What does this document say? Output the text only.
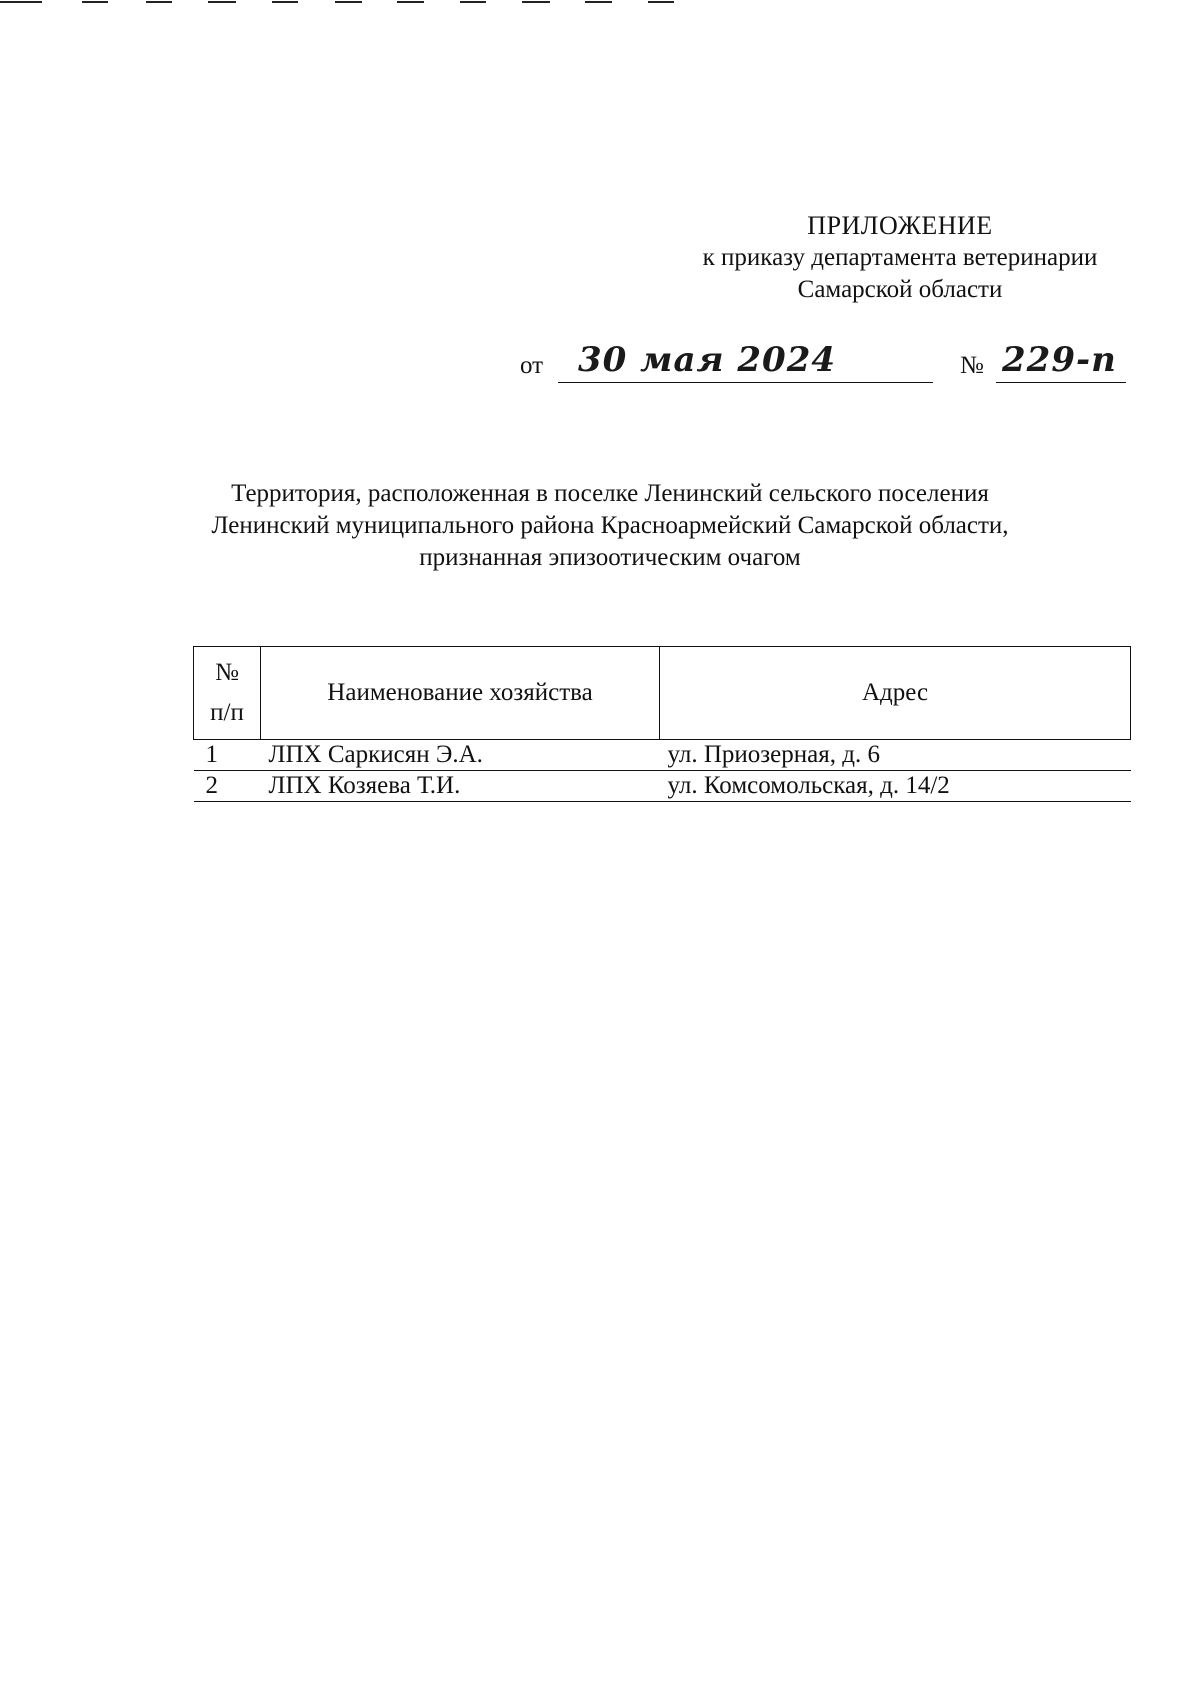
ПРИЛОЖЕНИЕ
к приказу департамента ветеринарии
Самарской области
от 30 мая 2024	№ 229-п
Территория, расположенная в поселке Ленинский сельского поселения
Ленинский муниципального района Красноармейский Самарской области,
признанная эпизоотическим очагом
№
п/п	Наименование хозяйства	Адрес
1	ЛПХ Саркисян Э.А.	ул. Приозерная, д. 6
2	ЛПХ Козяева Т.И.	ул. Комсомольская, д. 14/2
